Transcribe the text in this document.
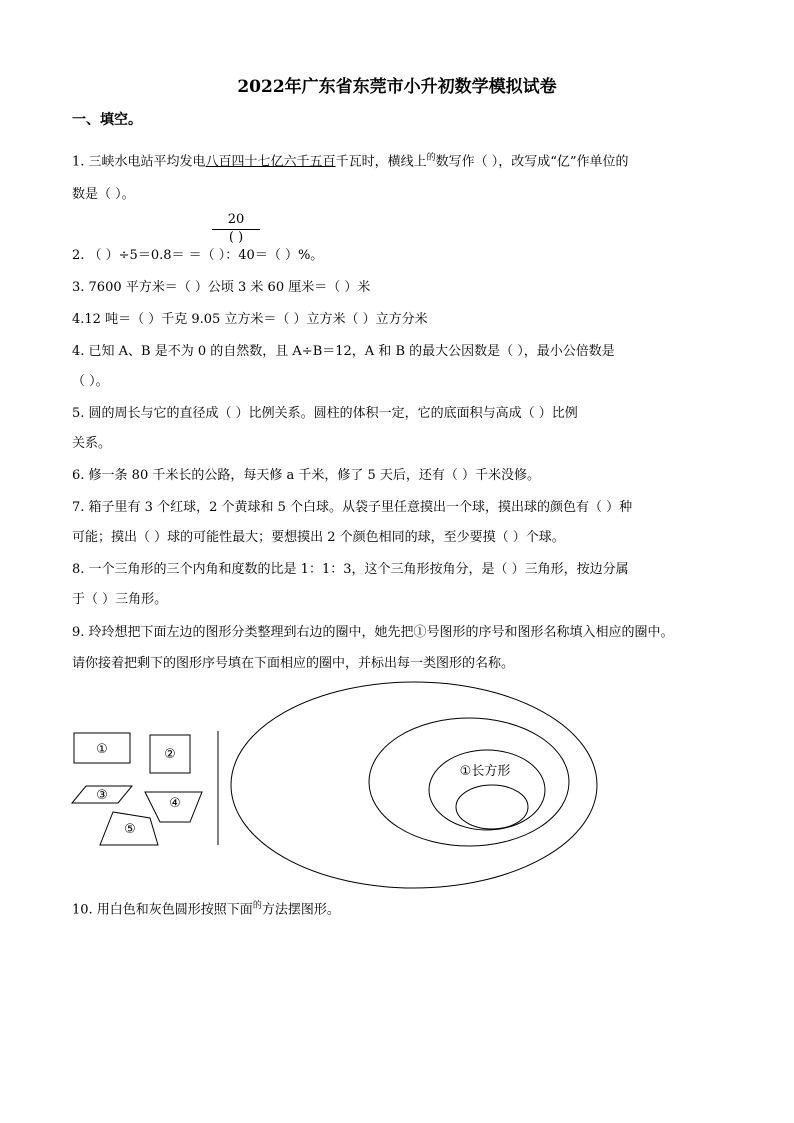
2022年广东省东莞市小升初数学模拟试卷
一、填空。
1. 三峡水电站平均发电八百四十七亿六千五百千瓦时，横线上$^的$数写作（ ），改写成“亿”作单位的
数是（ ）。
20
( )
2. （ ）÷5＝0.8＝ ＝（ ）：40＝（ ）%。
3. 7600 平方米＝（ ）公顷 3 米 60 厘米＝（ ）米
4.12 吨＝（ ）千克 9.05 立方米＝（ ）立方米（ ）立方分米
4. 已知 A、B 是不为 0 的自然数，且 A÷B＝12，A 和 B 的最大公因数是（ ），最小公倍数是
（ ）。
5. 圆的周长与它的直径成（ ）比例关系。圆柱的体积一定，它的底面积与高成（ ）比例
关系。
6. 修一条 80 千米长的公路，每天修 a 千米，修了 5 天后，还有（ ）千米没修。
7. 箱子里有 3 个红球，2 个黄球和 5 个白球。从袋子里任意摸出一个球，摸出球的颜色有（ ）种
可能；摸出（ ）球的可能性最大；要想摸出 2 个颜色相同的球，至少要摸（ ）个球。
8. 一个三角形的三个内角和度数的比是 1：1：3，这个三角形按角分，是（ ）三角形，按边分属
于（ ）三角形。
9. 玲玲想把下面左边的图形分类整理到右边的圈中，她先把①号图形的序号和图形名称填入相应的圈中。
请你接着把剩下的图形序号填在下面相应的圈中，并标出每一类图形的名称。
①	②
③
④
⑤
①长方形
10. 用白色和灰色圆形按照下面$^的$方法摆图形。
